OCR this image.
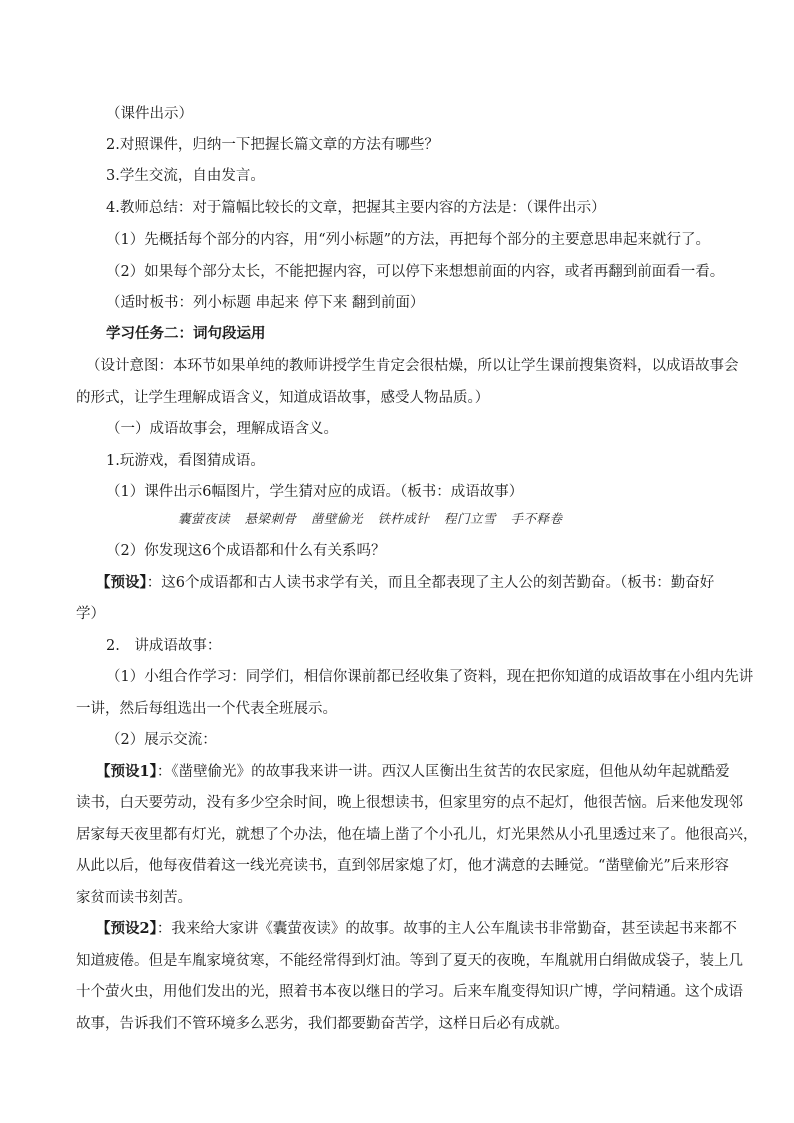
（课件出示）
2.对照课件，归纳一下把握长篇文章的方法有哪些？
3.学生交流，自由发言。
4.教师总结：对于篇幅比较长的文章，把握其主要内容的方法是：（课件出示）
（1）先概括每个部分的内容，用“列小标题”的方法，再把每个部分的主要意思串起来就行了。
（2）如果每个部分太长，不能把握内容，可以停下来想想前面的内容，或者再翻到前面看一看。
（适时板书：列小标题 串起来 停下来 翻到前面）
学习任务二：词句段运用
（设计意图：本环节如果单纯的教师讲授学生肯定会很枯燥，所以让学生课前搜集资料，以成语故事会
的形式，让学生理解成语含义，知道成语故事，感受人物品质。）
（一）成语故事会，理解成语含义。
1.玩游戏，看图猜成语。
（1）课件出示6幅图片，学生猜对应的成语。（板书：成语故事）
囊萤夜读 悬梁刺骨 凿壁偷光 铁杵成针 程门立雪 手不释卷
（2）你发现这6个成语都和什么有关系吗？
【预设】：这6个成语都和古人读书求学有关，而且全都表现了主人公的刻苦勤奋。（板书：勤奋好
学）
2.　讲成语故事：
（1）小组合作学习：同学们，相信你课前都已经收集了资料，现在把你知道的成语故事在小组内先讲
一讲，然后每组选出一个代表全班展示。
（2）展示交流：
【预设1】：《凿壁偷光》的故事我来讲一讲。西汉人匡衡出生贫苦的农民家庭，但他从幼年起就酷爱
读书，白天要劳动，没有多少空余时间，晚上很想读书，但家里穷的点不起灯，他很苦恼。后来他发现邻
居家每天夜里都有灯光，就想了个办法，他在墙上凿了个小孔儿，灯光果然从小孔里透过来了。他很高兴，
从此以后，他每夜借着这一线光亮读书，直到邻居家熄了灯，他才满意的去睡觉。“凿壁偷光”后来形容
家贫而读书刻苦。
【预设2】：我来给大家讲《囊萤夜读》的故事。故事的主人公车胤读书非常勤奋，甚至读起书来都不
知道疲倦。但是车胤家境贫寒，不能经常得到灯油。等到了夏天的夜晚，车胤就用白绢做成袋子，装上几
十个萤火虫，用他们发出的光，照着书本夜以继日的学习。后来车胤变得知识广博，学问精通。这个成语
故事，告诉我们不管环境多么恶劣，我们都要勤奋苦学，这样日后必有成就。
